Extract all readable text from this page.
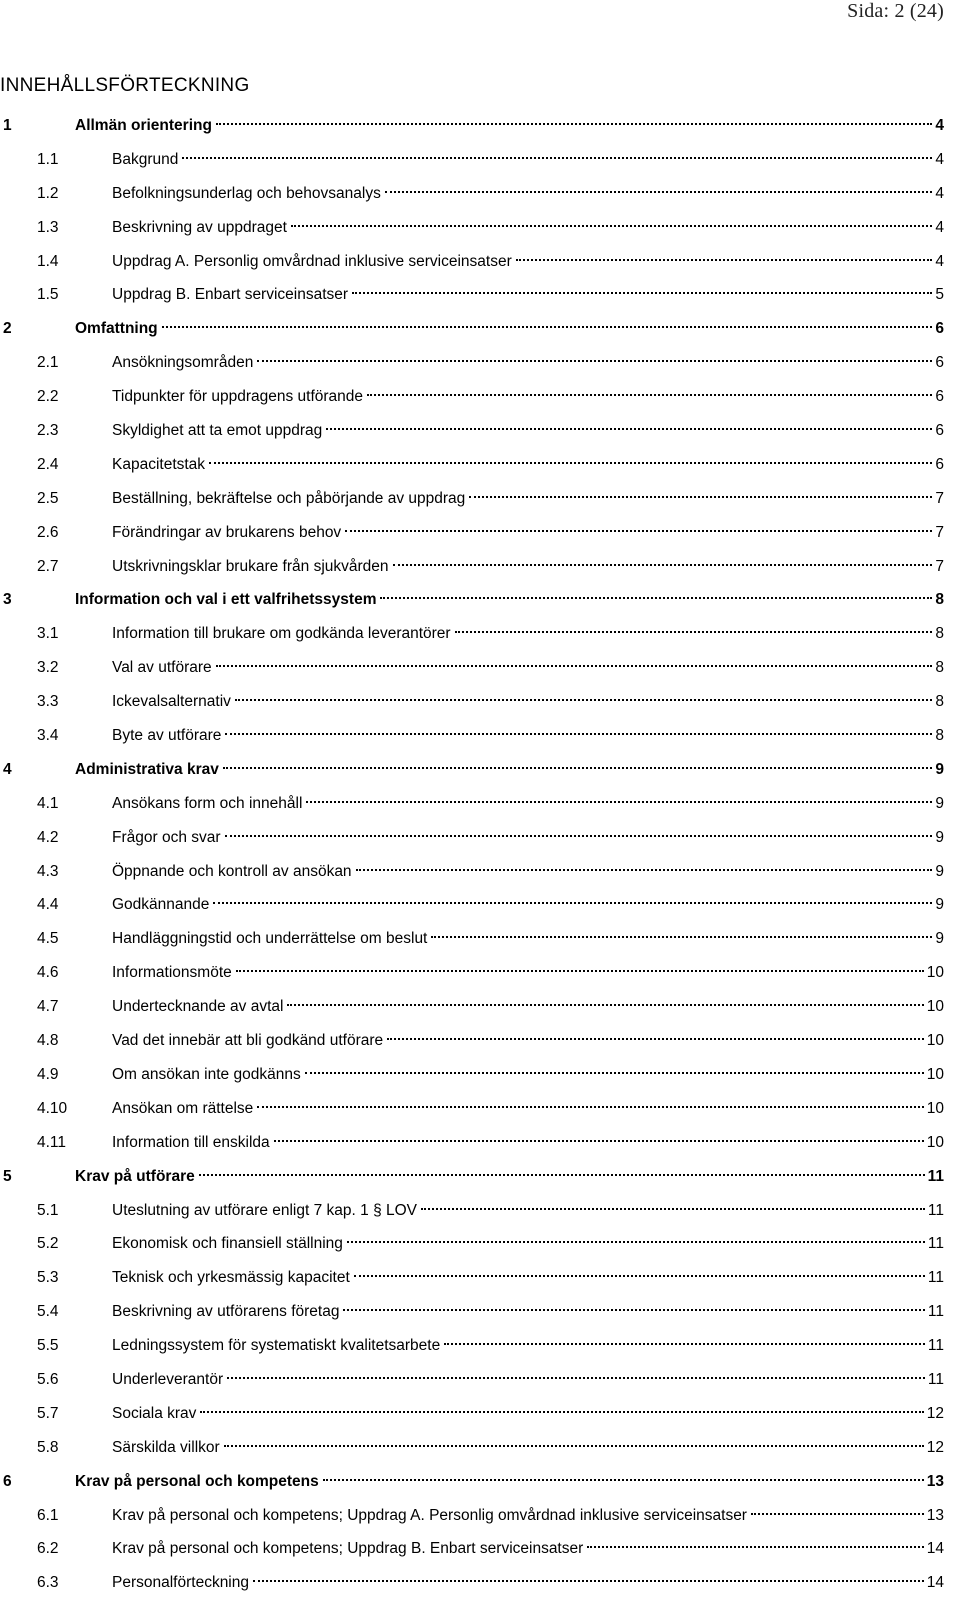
Sida: 2 (24)
INNEHÅLLSFÖRTECKNING
1	Allmän orientering	4
1.1	Bakgrund	4
1.2	Befolkningsunderlag och behovsanalys	4
1.3	Beskrivning av uppdraget	4
1.4	Uppdrag A. Personlig omvårdnad inklusive serviceinsatser	4
1.5	Uppdrag B. Enbart serviceinsatser	5
2	Omfattning	6
2.1	Ansökningsområden	6
2.2	Tidpunkter för uppdragens utförande	6
2.3	Skyldighet att ta emot uppdrag	6
2.4	Kapacitetstak	6
2.5	Beställning, bekräftelse och påbörjande av uppdrag	7
2.6	Förändringar av brukarens behov	7
2.7	Utskrivningsklar brukare från sjukvården	7
3	Information och val i ett valfrihetssystem	8
3.1	Information till brukare om godkända leverantörer	8
3.2	Val av utförare	8
3.3	Ickevalsalternativ	8
3.4	Byte av utförare	8
4	Administrativa krav	9
4.1	Ansökans form och innehåll	9
4.2	Frågor och svar	9
4.3	Öppnande och kontroll av ansökan	9
4.4	Godkännande	9
4.5	Handläggningstid och underrättelse om beslut	9
4.6	Informationsmöte	10
4.7	Undertecknande av avtal	10
4.8	Vad det innebär att bli godkänd utförare	10
4.9	Om ansökan inte godkänns	10
4.10	Ansökan om rättelse	10
4.11	Information till enskilda	10
5	Krav på utförare	11
5.1	Uteslutning av utförare enligt 7 kap. 1 § LOV	11
5.2	Ekonomisk och finansiell ställning	11
5.3	Teknisk och yrkesmässig kapacitet	11
5.4	Beskrivning av utförarens företag	11
5.5	Ledningssystem för systematiskt kvalitetsarbete	11
5.6	Underleverantör	11
5.7	Sociala krav	12
5.8	Särskilda villkor	12
6	Krav på personal och kompetens	13
6.1	Krav på personal och kompetens; Uppdrag A. Personlig omvårdnad inklusive serviceinsatser	13
6.2	Krav på personal och kompetens; Uppdrag B. Enbart serviceinsatser	14
6.3	Personalförteckning	14
